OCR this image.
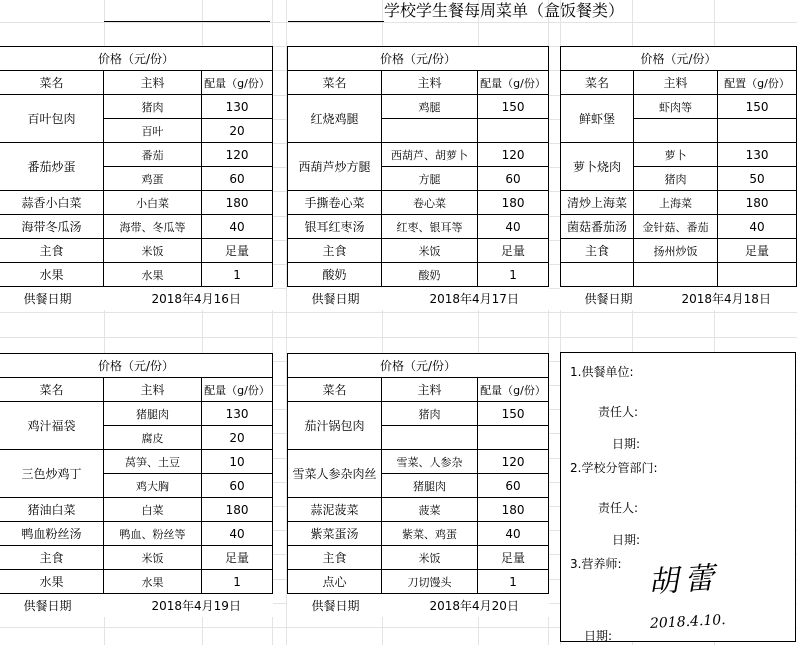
学校学生餐每周菜单（盒饭餐类）
价格（元/份）		
菜名	主料	配量（g/份）
百叶包肉	猪肉	130
	百叶	20
番茄炒蛋	番茄	120
	鸡蛋	60
蒜香小白菜	小白菜	180
海带冬瓜汤	海带、冬瓜等	40
主食	米饭	足量
水果	水果	1
供餐日期	2018年4月16日	
价格（元/份）		
菜名	主料	配量（g/份）
红烧鸡腿	鸡腿	150

西葫芦炒方腿	西葫芦、胡萝卜	120
	方腿	60
手撕卷心菜	卷心菜	180
银耳红枣汤	红枣、银耳等	40
主食	米饭	足量
酸奶	酸奶	1
供餐日期	2018年4月17日	
价格（元/份）		
菜名	主料	配置（g/份）
鲜虾堡	虾肉等	150

萝卜烧肉	萝卜	130
	猪肉	50
清炒上海菜	上海菜	180
菌菇番茄汤	金针菇、番茄	40
主食	扬州炒饭	足量

供餐日期	2018年4月18日	
价格（元/份）		
菜名	主料	配量（g/份）
鸡汁福袋	猪腿肉	130
	腐皮	20
三色炒鸡丁	莴笋、土豆	10
	鸡大胸	60
猪油白菜	白菜	180
鸭血粉丝汤	鸭血、粉丝等	40
主食	米饭	足量
水果	水果	1
供餐日期	2018年4月19日	
价格（元/份）		
菜名	主料	配量（g/份）
茄汁锅包肉	猪肉	150

雪菜人参杂肉丝	雪菜、人参杂	120
	猪腿肉	60
蒜泥菠菜	菠菜	180
紫菜蛋汤	紫菜、鸡蛋	40
主食	米饭	足量
点心	刀切馒头	1
供餐日期	2018年4月20日	
1.供餐单位:
责任人:
日期:
2.学校分管部门:
责任人:
日期:
3.营养师:
日期:
胡蕾
2018.4.10.
